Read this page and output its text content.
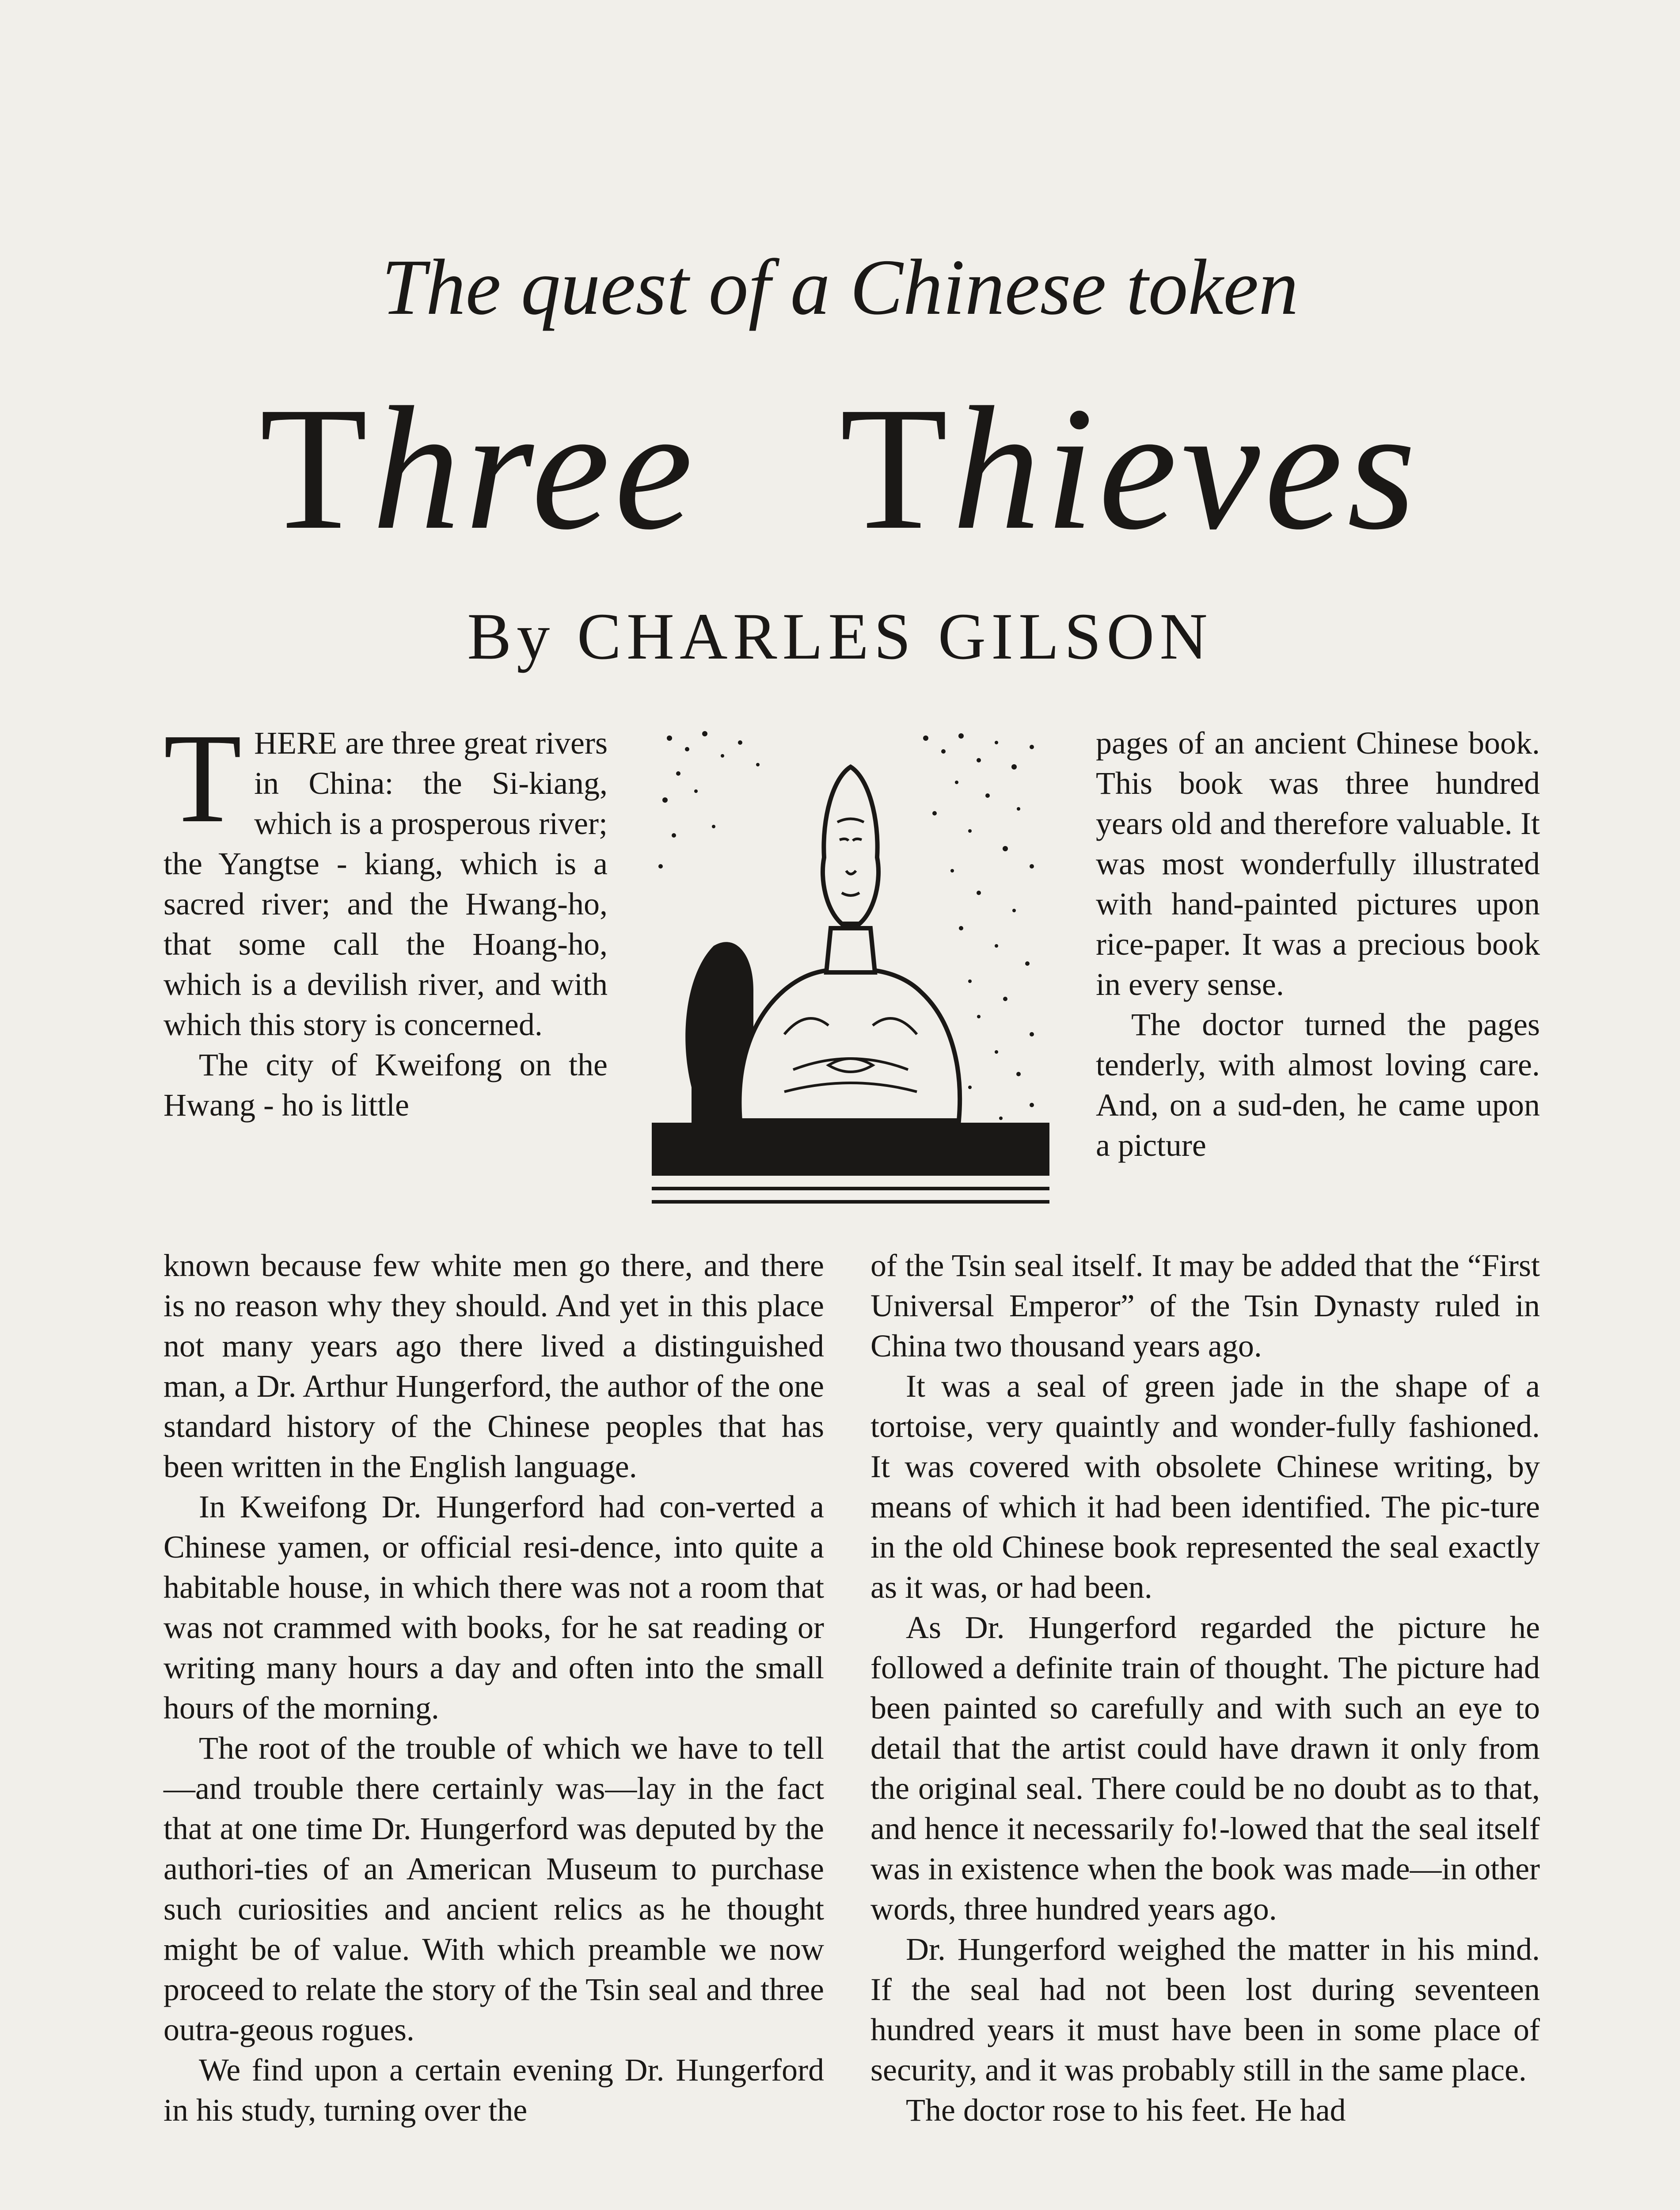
The quest of a Chinese token
Three Thieves
By CHARLES GILSON

THERE are three great rivers in China: the Si-kiang, which is a prosperous river; the Yangtse - kiang, which is a sacred river; and the Hwang-ho, that some call the Hoang-ho, which is a devilish river, and with which this story is concerned.

The city of Kweifong on the Hwang - ho is little

pages of an ancient Chinese book. This book was three hundred years old and therefore valuable. It was most wonderfully illustrated with hand-painted pictures upon rice-paper. It was a precious book in every sense.

The doctor turned the pages tenderly, with almost loving care. And, on a sud-den, he came upon a picture

known because few white men go there, and there is no reason why they should. And yet in this place not many years ago there lived a distinguished man, a Dr. Arthur Hungerford, the author of the one standard history of the Chinese peoples that has been written in the English language.

In Kweifong Dr. Hungerford had con-verted a Chinese yamen, or official resi-dence, into quite a habitable house, in which there was not a room that was not crammed with books, for he sat reading or writing many hours a day and often into the small hours of the morning.

The root of the trouble of which we have to tell—and trouble there certainly was—lay in the fact that at one time Dr. Hungerford was deputed by the authori-ties of an American Museum to purchase such curiosities and ancient relics as he thought might be of value. With which preamble we now proceed to relate the story of the Tsin seal and three outra-geous rogues.

We find upon a certain evening Dr. Hungerford in his study, turning over the

of the Tsin seal itself. It may be added that the “First Universal Emperor” of the Tsin Dynasty ruled in China two thousand years ago.

It was a seal of green jade in the shape of a tortoise, very quaintly and wonder-fully fashioned. It was covered with obsolete Chinese writing, by means of which it had been identified. The pic-ture in the old Chinese book represented the seal exactly as it was, or had been.

As Dr. Hungerford regarded the picture he followed a definite train of thought. The picture had been painted so carefully and with such an eye to detail that the artist could have drawn it only from the original seal. There could be no doubt as to that, and hence it necessarily fo!-lowed that the seal itself was in existence when the book was made—in other words, three hundred years ago.

Dr. Hungerford weighed the matter in his mind. If the seal had not been lost during seventeen hundred years it must have been in some place of security, and it was probably still in the same place.

The doctor rose to his feet. He had
